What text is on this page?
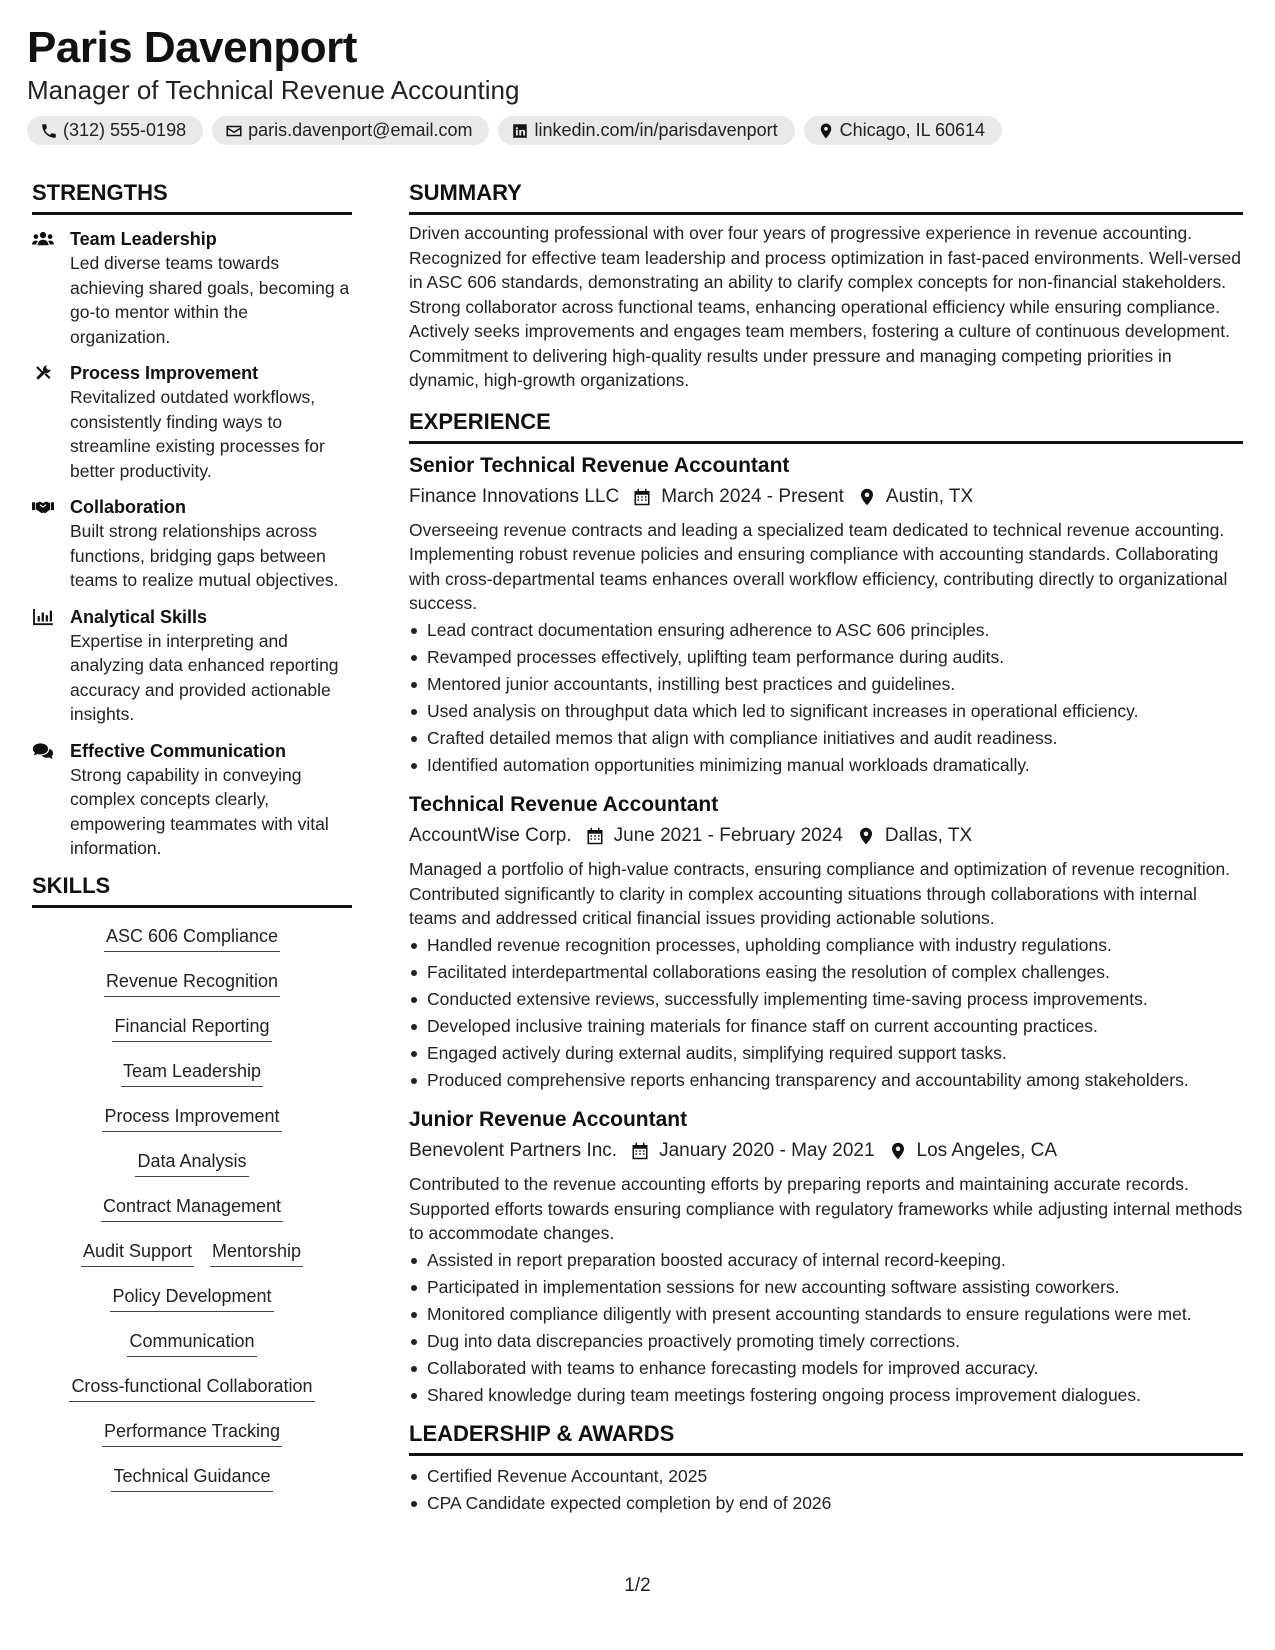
Paris Davenport
Manager of Technical Revenue Accounting
(312) 555-0198	paris.davenport@email.com	linkedin.com/in/parisdavenport	Chicago, IL 60614
STRENGTHS
Team Leadership
Led diverse teams towards achieving shared goals, becoming a go-to mentor within the organization.
Process Improvement
Revitalized outdated workflows, consistently finding ways to streamline existing processes for better productivity.
Collaboration
Built strong relationships across functions, bridging gaps between teams to realize mutual objectives.
Analytical Skills
Expertise in interpreting and analyzing data enhanced reporting accuracy and provided actionable insights.
Effective Communication
Strong capability in conveying complex concepts clearly, empowering teammates with vital information.
SKILLS
ASC 606 Compliance
Revenue Recognition
Financial Reporting
Team Leadership
Process Improvement
Data Analysis
Contract Management
Audit Support Mentorship
Policy Development
Communication
Cross-functional Collaboration
Performance Tracking
Technical Guidance
SUMMARY
Driven accounting professional with over four years of progressive experience in revenue accounting. Recognized for effective team leadership and process optimization in fast-paced environments. Well-versed in ASC 606 standards, demonstrating an ability to clarify complex concepts for non-financial stakeholders. Strong collaborator across functional teams, enhancing operational efficiency while ensuring compliance. Actively seeks improvements and engages team members, fostering a culture of continuous development. Commitment to delivering high-quality results under pressure and managing competing priorities in dynamic, high-growth organizations.
EXPERIENCE
Senior Technical Revenue Accountant
Finance Innovations LLC March 2024 - Present Austin, TX
Overseeing revenue contracts and leading a specialized team dedicated to technical revenue accounting. Implementing robust revenue policies and ensuring compliance with accounting standards. Collaborating with cross-departmental teams enhances overall workflow efficiency, contributing directly to organizational success.
Lead contract documentation ensuring adherence to ASC 606 principles.
Revamped processes effectively, uplifting team performance during audits.
Mentored junior accountants, instilling best practices and guidelines.
Used analysis on throughput data which led to significant increases in operational efficiency.
Crafted detailed memos that align with compliance initiatives and audit readiness.
Identified automation opportunities minimizing manual workloads dramatically.
Technical Revenue Accountant
AccountWise Corp. June 2021 - February 2024 Dallas, TX
Managed a portfolio of high-value contracts, ensuring compliance and optimization of revenue recognition. Contributed significantly to clarity in complex accounting situations through collaborations with internal teams and addressed critical financial issues providing actionable solutions.
Handled revenue recognition processes, upholding compliance with industry regulations.
Facilitated interdepartmental collaborations easing the resolution of complex challenges.
Conducted extensive reviews, successfully implementing time-saving process improvements.
Developed inclusive training materials for finance staff on current accounting practices.
Engaged actively during external audits, simplifying required support tasks.
Produced comprehensive reports enhancing transparency and accountability among stakeholders.
Junior Revenue Accountant
Benevolent Partners Inc. January 2020 - May 2021 Los Angeles, CA
Contributed to the revenue accounting efforts by preparing reports and maintaining accurate records. Supported efforts towards ensuring compliance with regulatory frameworks while adjusting internal methods to accommodate changes.
Assisted in report preparation boosted accuracy of internal record-keeping.
Participated in implementation sessions for new accounting software assisting coworkers.
Monitored compliance diligently with present accounting standards to ensure regulations were met.
Dug into data discrepancies proactively promoting timely corrections.
Collaborated with teams to enhance forecasting models for improved accuracy.
Shared knowledge during team meetings fostering ongoing process improvement dialogues.
LEADERSHIP & AWARDS
Certified Revenue Accountant, 2025
CPA Candidate expected completion by end of 2026
1/2
